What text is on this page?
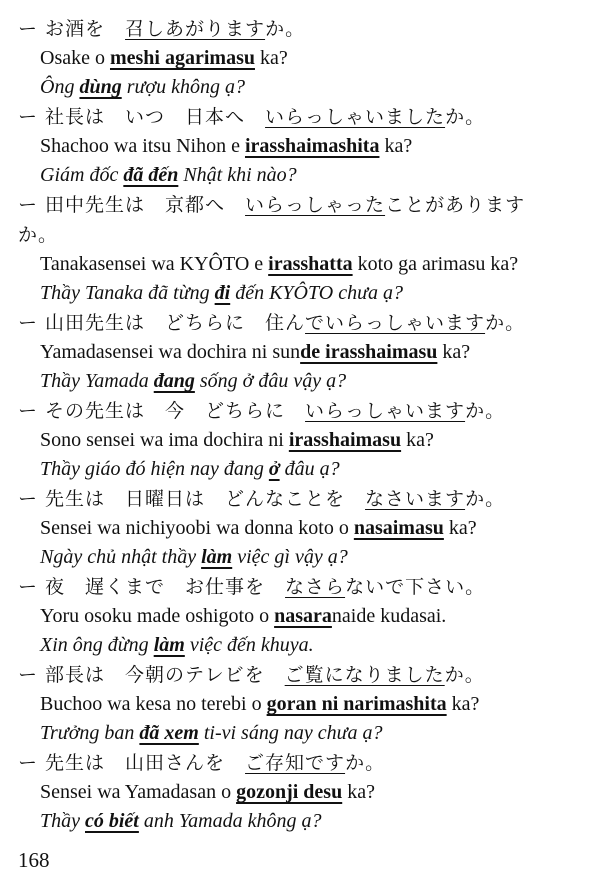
ー お酒を　召しあがりますか。
Osake o meshi agarimasu ka?
Ông dùng rượu không ạ?
ー 社長は　いつ　日本へ　いらっしゃいましたか。
Shachoo wa itsu Nihon e irasshaimashita ka?
Giám đốc đã đến Nhật khi nào?
ー 田中先生は　京都へ　いらっしゃったことがありますか。
Tanakasensei wa KYÔTO e irasshatta koto ga arimasu ka?
Thầy Tanaka đã từng đi đến KYÔTO chưa ạ?
ー 山田先生は　どちらに　住んでいらっしゃいますか。
Yamadasensei wa dochira ni sunde irasshaimasu ka?
Thầy Yamada đang sống ở đâu vậy ạ?
ー その先生は　今　どちらに　いらっしゃいますか。
Sono sensei wa ima dochira ni irasshaimasu ka?
Thầy giáo đó hiện nay đang ở đâu ạ?
ー 先生は　日曜日は　どんなことを　なさいますか。
Sensei wa nichiyoobi wa donna koto o nasaimasu ka?
Ngày chủ nhật thầy làm việc gì vậy ạ?
ー 夜　遅くまで　お仕事を　なさらないで下さい。
Yoru osoku made oshigoto o nasaranaide kudasai.
Xin ông đừng làm việc đến khuya.
ー 部長は　今朝のテレビを　ご覧になりましたか。
Buchoo wa kesa no terebi o goran ni narimashita ka?
Trưởng ban đã xem ti-vi sáng nay chưa ạ?
ー 先生は　山田さんを　ご存知ですか。
Sensei wa Yamadasan o gozonji desu ka?
Thầy có biết anh Yamada không ạ?
168
